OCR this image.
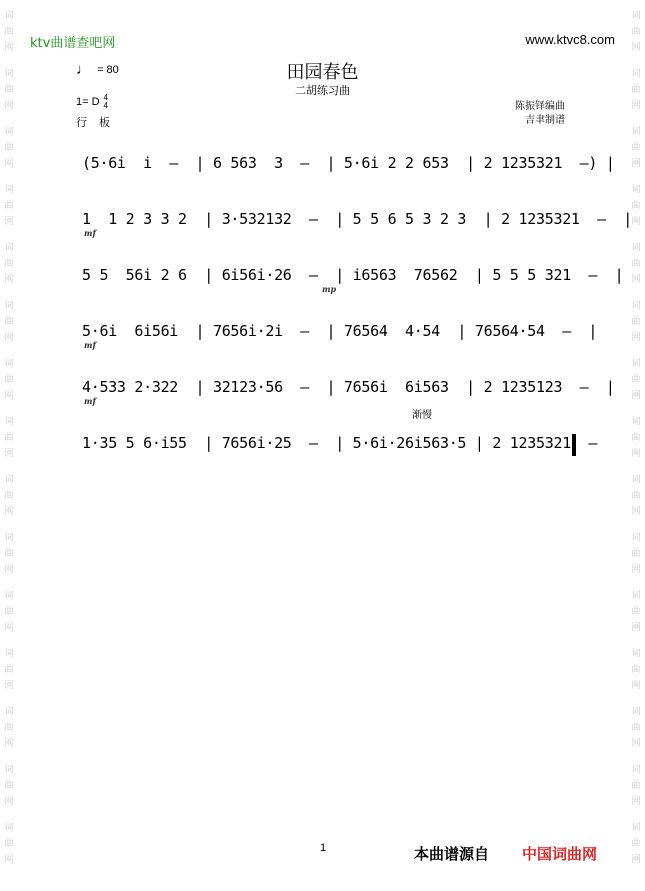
词
曲
网
词
曲
网
词
曲
网
词
曲
网
词
曲
网
词
曲
网
词
曲
网
词
曲
网
词
曲
网
词
曲
网
词
曲
网
词
曲
网
词
曲
网
词
曲
网
词
曲
网
词
曲
网
词
曲
网
词
曲
网
词
曲
网
词
曲
网
词
曲
网
词
曲
网
词
曲
网
词
曲
网
词
曲
网
词
曲
网
词
曲
网
词
曲
网
词
曲
网
词
曲
网
ktv曲谱查吧网	www.ktvc8.com
田园春色
二胡练习曲
♩ = 80
1= D 4
4
行板
陈振铎编曲
吉聿制谱
(5·6i  i  –  | 6 563  3  –  | 5·6i 2 2 653  | 2 1235321  –) |
1  1 2 3 3 2  | 3·532132  –  | 5 5 6 5 3 2 3  | 2 1235321  –  |
mf
5 5  56i 2 6  | 6i56i·26  –  | i6563  76562  | 5 5 5 321  –  |
mp
5·6i  6i56i  | 7656i·2i  –  | 76564  4·54  | 76564·54  –  |
mf
4·533 2·322  | 32123·56  –  | 7656i  6i563  | 2 1235123  –  |
mf
1·35 5 6·i55  | 7656i·25  –  | 5·6i·26i563·5 | 2 1235321  –
渐慢
1	本曲谱源自 中国词曲网
